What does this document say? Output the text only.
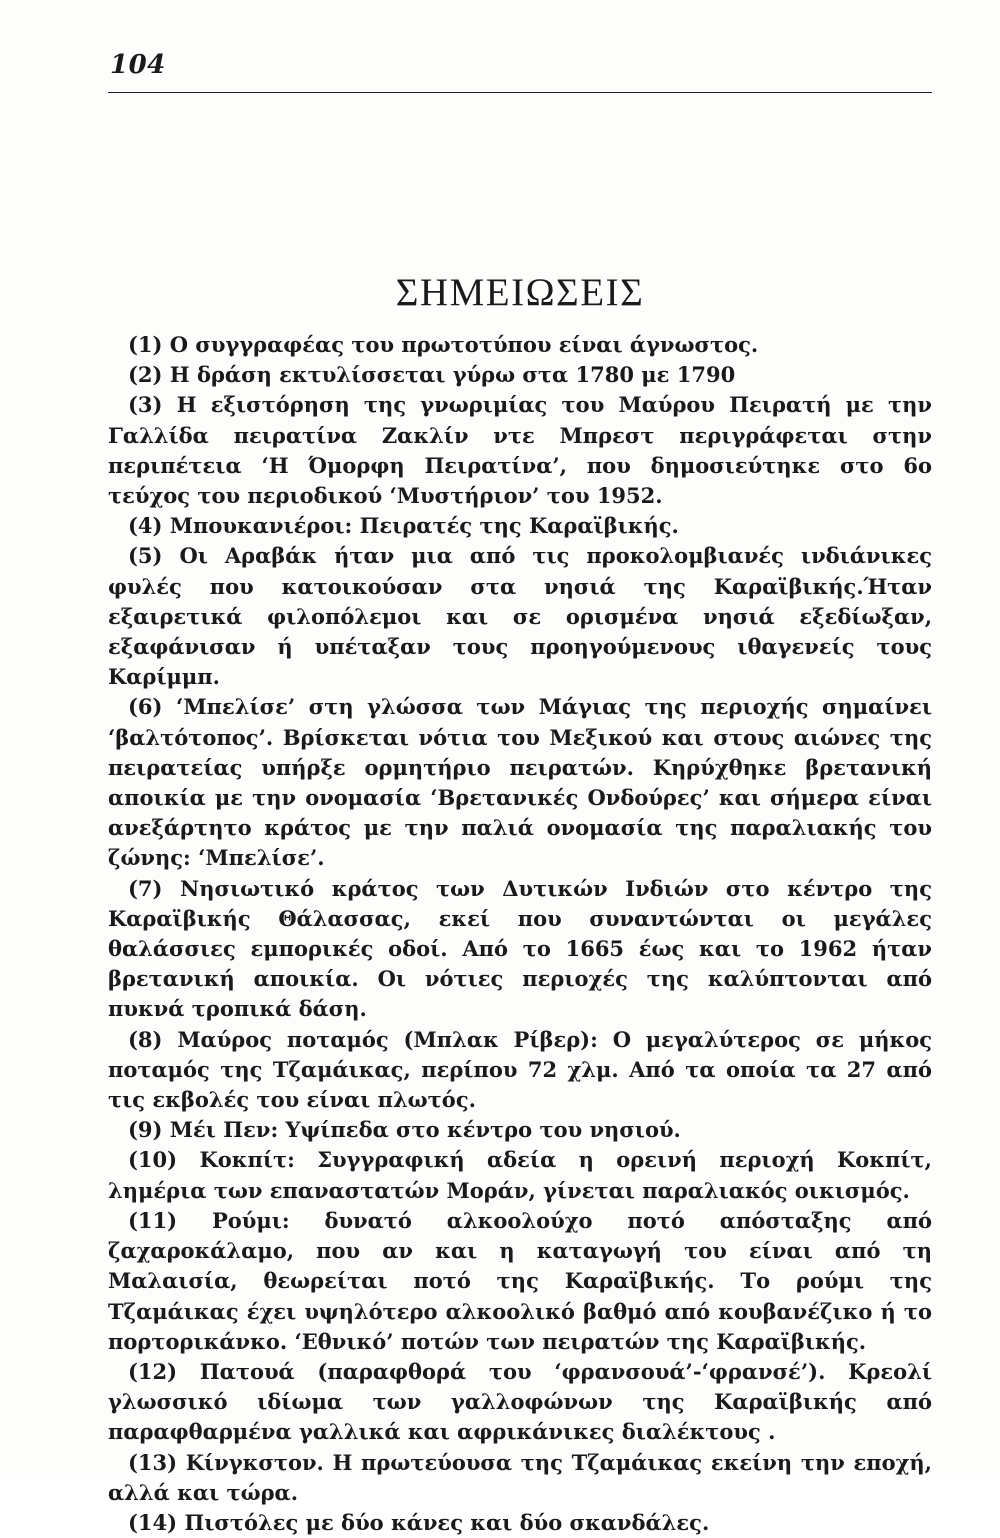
104
ΣΗΜΕΙΩΣΕΙΣ

(1) Ο συγγραφέας του πρωτοτύπου είναι άγνωστος.

(2) Η δράση εκτυλίσσεται γύρω στα 1780 με 1790

(3) Η εξιστόρηση της γνωριμίας του Μαύρου Πειρατή με την Γαλλίδα πειρατίνα Ζακλίν ντε Μπρεστ περιγράφεται στην περιπέτεια ‘Η Όμορφη Πειρατίνα’, που δημοσιεύτηκε στο 6ο τεύχος του περιοδικού ‘Μυστήριον’ του 1952.

(4) Μπουκανιέροι: Πειρατές της Καραϊβικής.

(5) Οι Αραβάκ ήταν μια από τις προκολομβιανές ινδιάνικες φυλές που κατοικούσαν στα νησιά της Καραϊβικής.Ήταν εξαιρετικά φιλοπόλεμοι και σε ορισμένα νησιά εξεδίωξαν, εξαφάνισαν ή υπέταξαν τους προηγούμενους ιθαγενείς τους Καρίμμπ.

(6) ‘Μπελίσε’ στη γλώσσα των Μάγιας της περιοχής σημαίνει ‘βαλτότοπος’. Βρίσκεται νότια του Μεξικού και στους αιώνες της πειρατείας υπήρξε ορμητήριο πειρατών. Κηρύχθηκε βρετανική αποικία με την ονομασία ‘Βρετανικές Ονδούρες’ και σήμερα είναι ανεξάρτητο κράτος με την παλιά ονομασία της παραλιακής του ζώνης: ‘Μπελίσε’.

(7) Νησιωτικό κράτος των Δυτικών Ινδιών στο κέντρο της Καραϊβικής Θάλασσας, εκεί που συναντώνται οι μεγάλες θαλάσσιες εμπορικές οδοί. Από το 1665 έως και το 1962 ήταν βρετανική αποικία. Οι νότιες περιοχές της καλύπτονται από πυκνά τροπικά δάση.

(8) Μαύρος ποταμός (Μπλακ Ρίβερ): Ο μεγαλύτερος σε μήκος ποταμός της Τζαμάικας, περίπου 72 χλμ. Από τα οποία τα 27 από τις εκβολές του είναι πλωτός.

(9) Μέι Πεν: Υψίπεδα στο κέντρο του νησιού.

(10) Κοκπίτ: Συγγραφική αδεία η ορεινή περιοχή Κοκπίτ, λημέρια των επαναστατών Μοράν, γίνεται παραλιακός οικισμός.

(11) Ρούμι: δυνατό αλκοολούχο ποτό απόσταξης από ζαχαροκάλαμο, που αν και η καταγωγή του είναι από τη Μαλαισία, θεωρείται ποτό της Καραϊβικής. Το ρούμι της Τζαμάικας έχει υψηλότερο αλκοολικό βαθμό από κουβανέζικο ή το πορτορικάνκο. ‘Εθνικό’ ποτών των πειρατών της Καραϊβικής.

(12) Πατουά (παραφθορά του ‘φρανσουά’-‘φρανσέ’). Κρεολί γλωσσικό ιδίωμα των γαλλοφώνων της Καραϊβικής από παραφθαρμένα γαλλικά και αφρικάνικες διαλέκτους .

(13) Κίνγκστον. Η πρωτεύουσα της Τζαμάικας εκείνη την εποχή, αλλά και τώρα.

(14) Πιστόλες με δύο κάνες και δύο σκανδάλες.
